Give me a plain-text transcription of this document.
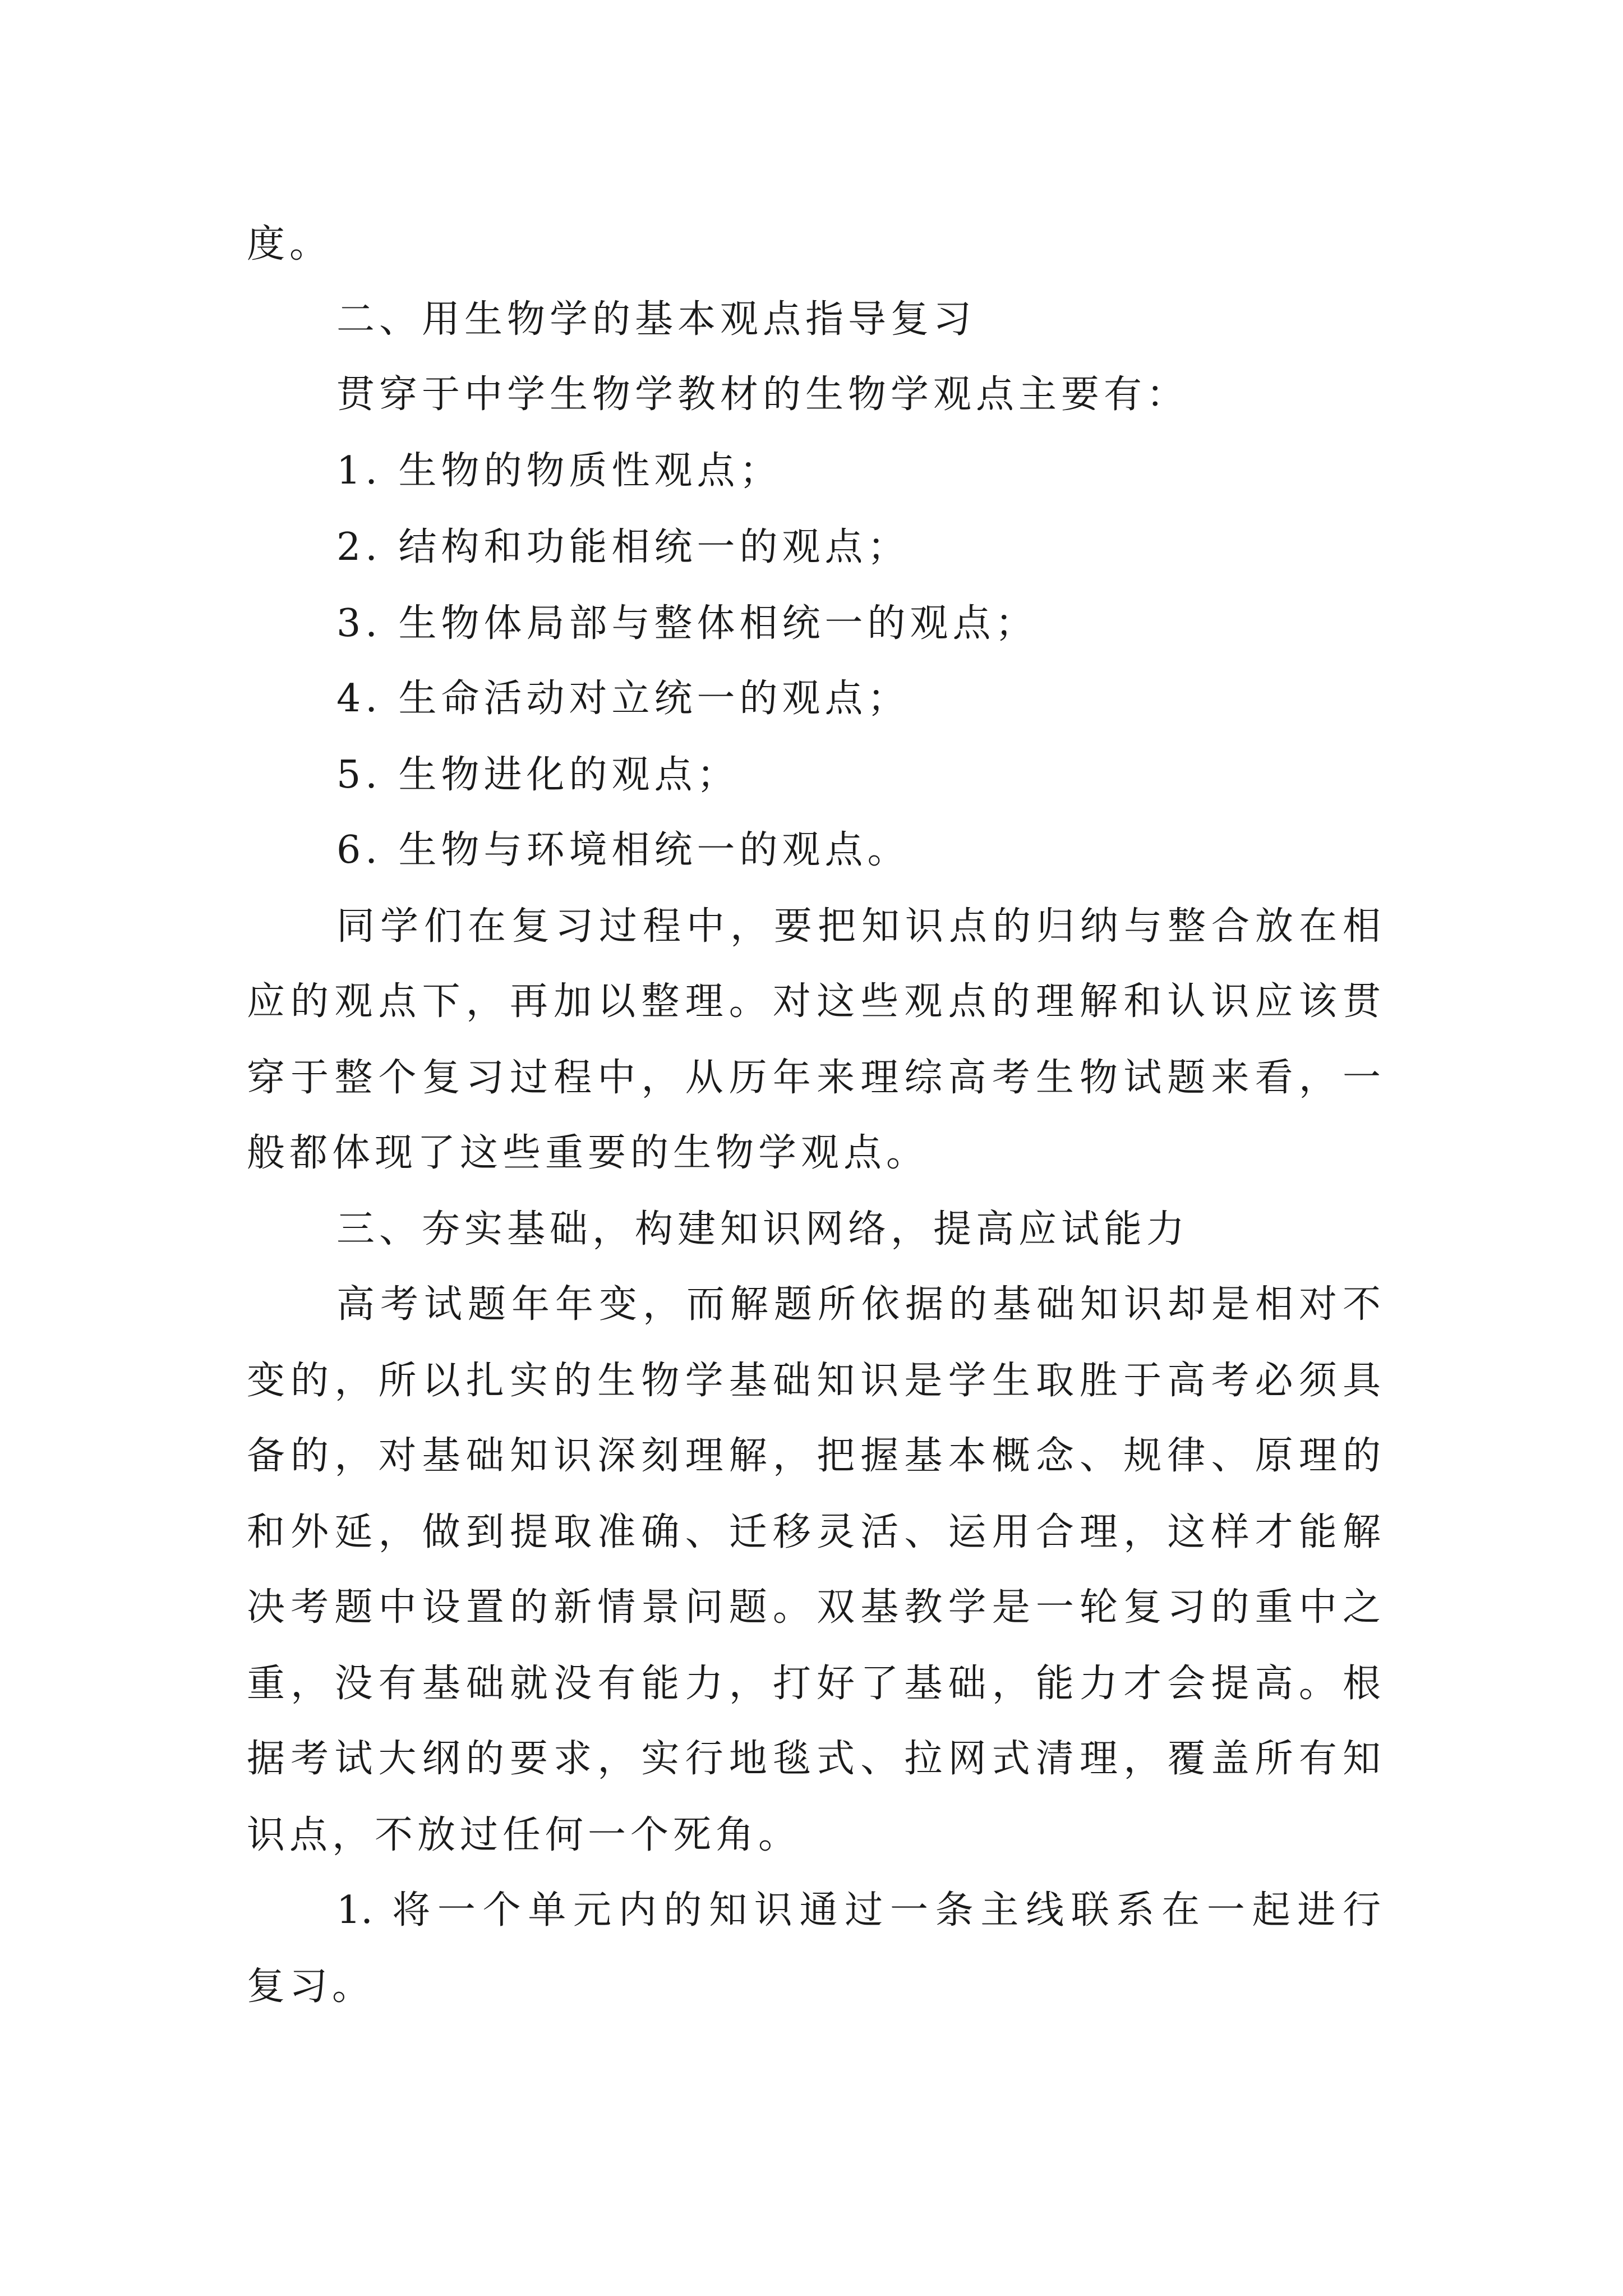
度。
二、用生物学的基本观点指导复习
贯穿于中学生物学教材的生物学观点主要有：
1. 生物的物质性观点；
2. 结构和功能相统一的观点；
3. 生物体局部与整体相统一的观点；
4. 生命活动对立统一的观点；
5. 生物进化的观点；
6. 生物与环境相统一的观点。
同学们在复习过程中，要把知识点的归纳与整合放在相
应的观点下，再加以整理。对这些观点的理解和认识应该贯
穿于整个复习过程中，从历年来理综高考生物试题来看，一
般都体现了这些重要的生物学观点。
三、夯实基础，构建知识网络，提高应试能力
高考试题年年变，而解题所依据的基础知识却是相对不
变的，所以扎实的生物学基础知识是学生取胜于高考必须具
备的，对基础知识深刻理解，把握基本概念、规律、原理的
和外延，做到提取准确、迁移灵活、运用合理，这样才能解
决考题中设置的新情景问题。双基教学是一轮复习的重中之
重，没有基础就没有能力，打好了基础，能力才会提高。根
据考试大纲的要求，实行地毯式、拉网式清理，覆盖所有知
识点，不放过任何一个死角。
1. 将一个单元内的知识通过一条主线联系在一起进行
复习。
